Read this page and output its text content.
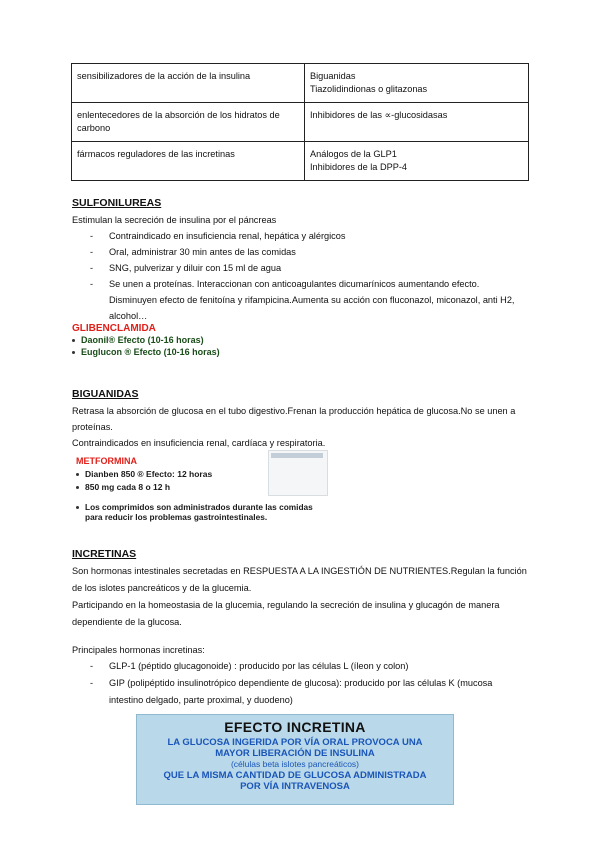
sensibilizadores de la acción de la insulina	Biguanidas
Tiazolidindionas o glitazonas

enlentecedores de la absorción de los hidratos de carbono	Inhibidores de las ∝-glucosidasas

fármacos reguladores de las incretinas	Análogos de la GLP1
Inhibidores de la DPP-4
SULFONILUREAS
Estimulan la secreción de insulina por el páncreas
- Contraindicado en insuficiencia renal, hepática y alérgicos
- Oral, administrar 30 min antes de las comidas
- SNG, pulverizar y diluir con 15 ml de agua
- Se unen a proteínas. Interaccionan con anticoagulantes dicumarínicos aumentando efecto. Disminuyen efecto de fenitoína y rifampicina.Aumenta su acción con fluconazol, miconazol, anti H2, alcohol…
GLIBENCLAMIDA
Daonil® Efecto (10-16 horas)
Euglucon ® Efecto (10-16 horas)
BIGUANIDAS
Retrasa la absorción de glucosa en el tubo digestivo.Frenan la producción hepática de glucosa.No se unen a proteínas.
Contraindicados en insuficiencia renal, cardíaca y respiratoria.
METFORMINA
Dianben 850 ® Efecto: 12 horas
850 mg cada 8 o 12 h
Los comprimidos son administrados durante las comidas para reducir los problemas gastrointestinales.
INCRETINAS
Son hormonas intestinales secretadas en RESPUESTA A LA INGESTIÓN DE NUTRIENTES.Regulan la función de los islotes pancreáticos y de la glucemia.
Participando en la homeostasia de la glucemia, regulando la secreción de insulina y glucagón de manera dependiente de la glucosa.
Principales hormonas incretinas:
- GLP-1 (péptido glucagonoide) : producido por las células L (íleon y colon)
- GIP (polipéptido insulinotrópico dependiente de glucosa): producido por las células K (mucosa intestino delgado, parte proximal, y duodeno)
EFECTO INCRETINA
LA GLUCOSA INGERIDA POR VÍA ORAL PROVOCA UNA
MAYOR LIBERACIÓN DE INSULINA
(células beta islotes pancreáticos)
QUE LA MISMA CANTIDAD DE GLUCOSA ADMINISTRADA
POR VÍA INTRAVENOSA
